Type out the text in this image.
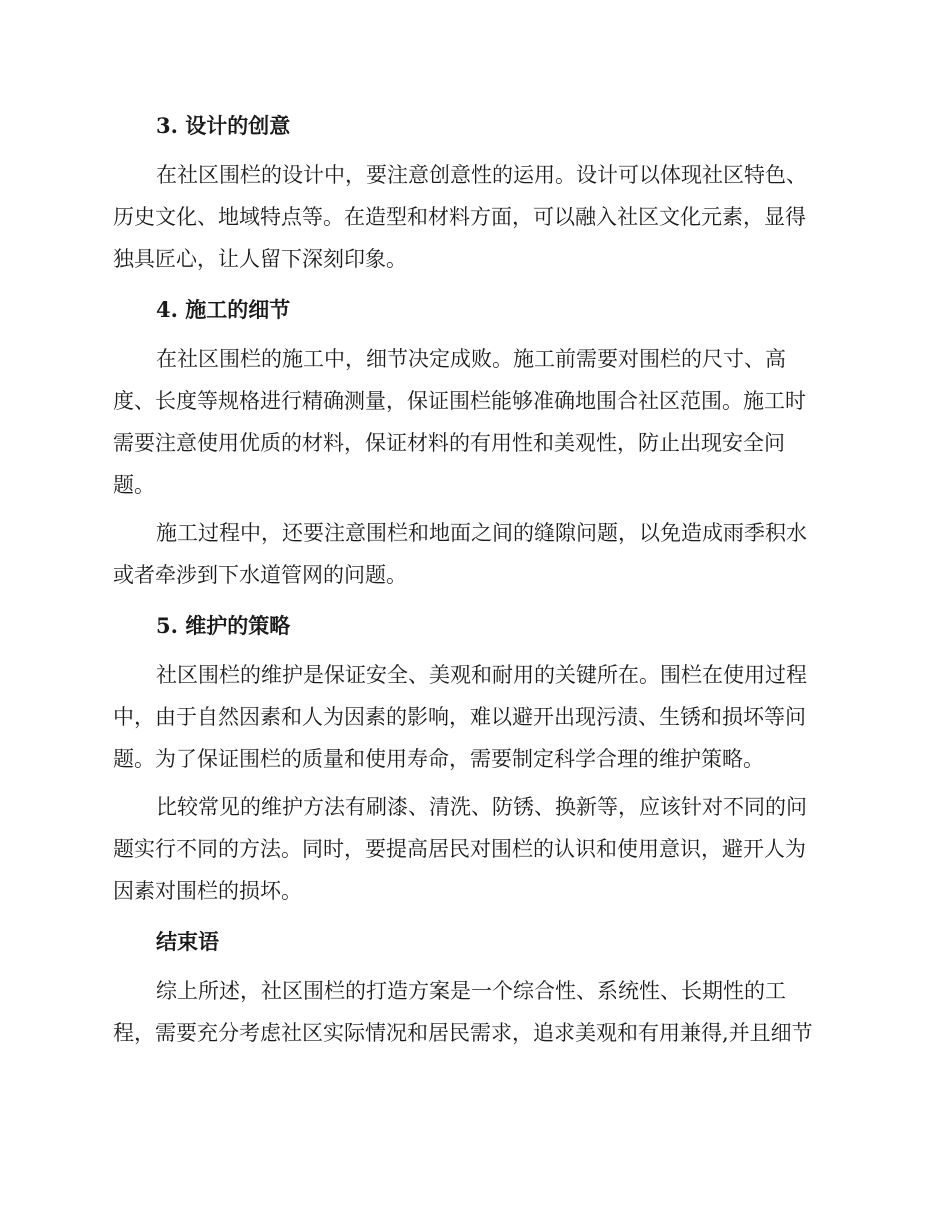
3. 设计的创意

在社区围栏的设计中，要注意创意性的运用。设计可以体现社区特色、
历史文化、地域特点等。在造型和材料方面，可以融入社区文化元素，显得
独具匠心，让人留下深刻印象。

4. 施工的细节

在社区围栏的施工中，细节决定成败。施工前需要对围栏的尺寸、高
度、长度等规格进行精确测量，保证围栏能够准确地围合社区范围。施工时
需要注意使用优质的材料，保证材料的有用性和美观性，防止出现安全问
题。

施工过程中，还要注意围栏和地面之间的缝隙问题，以免造成雨季积水
或者牵涉到下水道管网的问题。

5. 维护的策略

社区围栏的维护是保证安全、美观和耐用的关键所在。围栏在使用过程
中，由于自然因素和人为因素的影响，难以避开出现污渍、生锈和损坏等问
题。为了保证围栏的质量和使用寿命，需要制定科学合理的维护策略。

比较常见的维护方法有刷漆、清洗、防锈、换新等，应该针对不同的问
题实行不同的方法。同时，要提高居民对围栏的认识和使用意识，避开人为
因素对围栏的损坏。

结束语

综上所述，社区围栏的打造方案是一个综合性、系统性、长期性的工
程，需要充分考虑社区实际情况和居民需求，追求美观和有用兼得,并且细节
